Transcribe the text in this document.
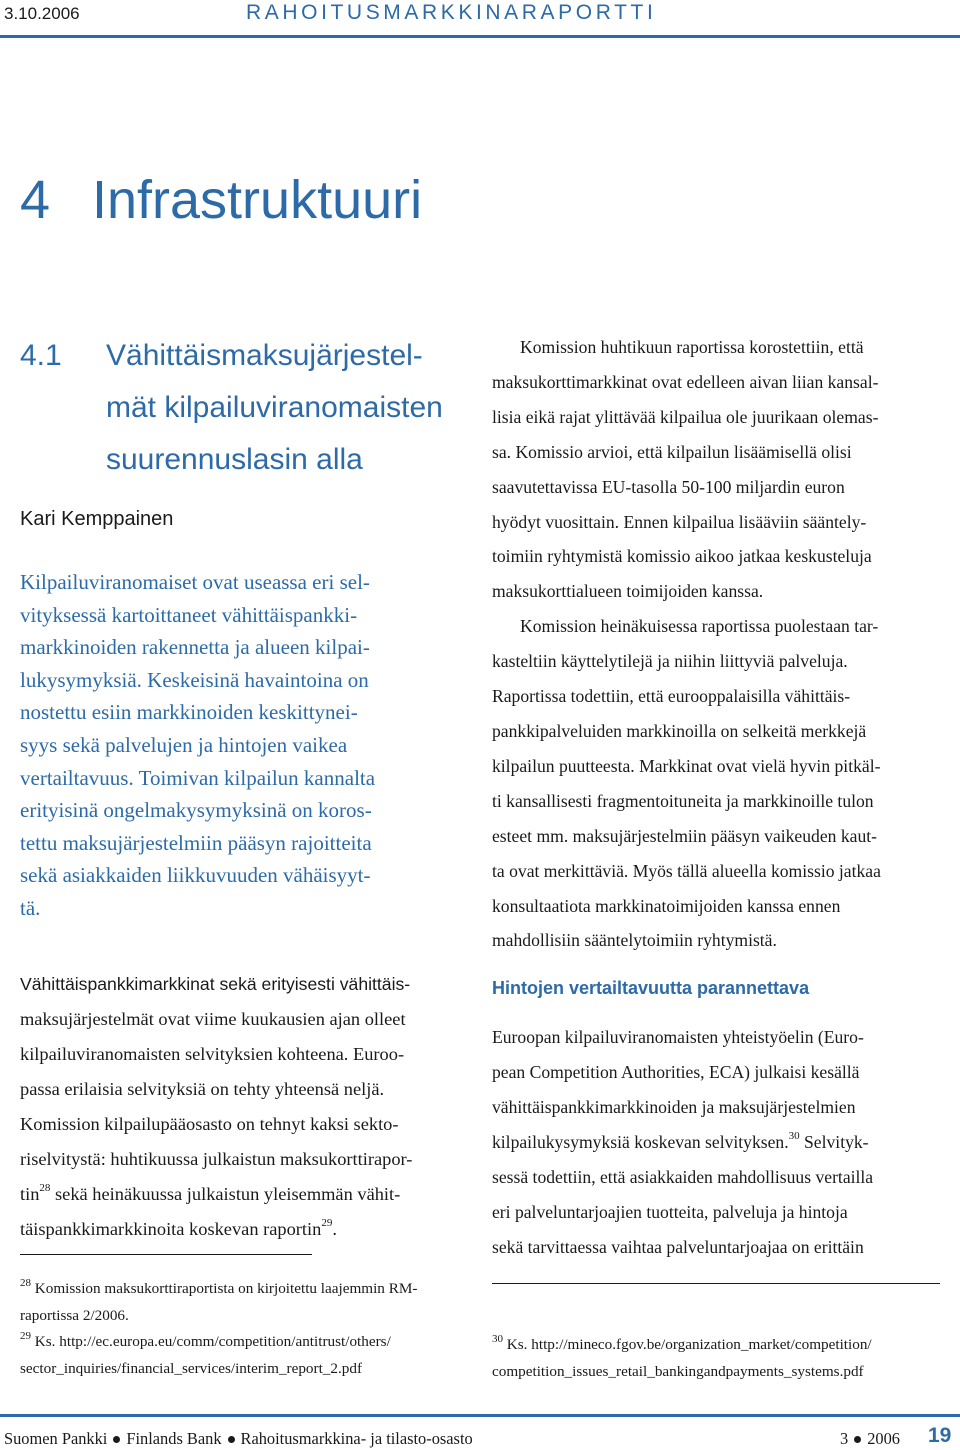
3.10.2006	RAHOITUSMARKKINARAPORTTI
4 Infrastruktuuri
4.1 Vähittäismaksujärjestel-
mät kilpailuviranomaisten
suurennuslasin alla
Kari Kemppainen
Kilpailuviranomaiset ovat useassa eri sel-
vityksessä kartoittaneet vähittäispankki-
markkinoiden rakennetta ja alueen kilpai-
lukysymyksiä. Keskeisinä havaintoina on
nostettu esiin markkinoiden keskittynei-
syys sekä palvelujen ja hintojen vaikea
vertailtavuus. Toimivan kilpailun kannalta
erityisinä ongelmakysymyksinä on koros-
tettu maksujärjestelmiin pääsyn rajoitteita
sekä asiakkaiden liikkuvuuden vähäisyyt-
tä.
Vähittäispankkimarkkinat sekä erityisesti vähittäis-
maksujärjestelmät ovat viime kuukausien ajan olleet
kilpailuviranomaisten selvityksien kohteena. Euroo-
passa erilaisia selvityksiä on tehty yhteensä neljä.
Komission kilpailupääosasto on tehnyt kaksi sekto-
riselvitystä: huhtikuussa julkaistun maksukorttirapor-
tin$^{28}$ sekä heinäkuussa julkaistun yleisemmän vähit-
täispankkimarkkinoita koskevan raportin$^{29}$.
$^{28}$ Komission maksukorttiraportista on kirjoitettu laajemmin RM-
raportissa 2/2006.
$^{29}$ Ks. http://ec.europa.eu/comm/competition/antitrust/others/
sector_inquiries/financial_services/interim_report_2.pdf
Komission huhtikuun raportissa korostettiin, että
maksukorttimarkkinat ovat edelleen aivan liian kansal-
lisia eikä rajat ylittävää kilpailua ole juurikaan olemas-
sa. Komissio arvioi, että kilpailun lisäämisellä olisi
saavutettavissa EU-tasolla 50-100 miljardin euron
hyödyt vuosittain. Ennen kilpailua lisääviin sääntely-
toimiin ryhtymistä komissio aikoo jatkaa keskusteluja
maksukorttialueen toimijoiden kanssa.
Komission heinäkuisessa raportissa puolestaan tar-
kasteltiin käyttelytilejä ja niihin liittyviä palveluja.
Raportissa todettiin, että eurooppalaisilla vähittäis-
pankkipalveluiden markkinoilla on selkeitä merkkejä
kilpailun puutteesta. Markkinat ovat vielä hyvin pitkäl-
ti kansallisesti fragmentoituneita ja markkinoille tulon
esteet mm. maksujärjestelmiin pääsyn vaikeuden kaut-
ta ovat merkittäviä. Myös tällä alueella komissio jatkaa
konsultaatiota markkinatoimijoiden kanssa ennen
mahdollisiin sääntelytoimiin ryhtymistä.
Hintojen vertailtavuutta parannettava
Euroopan kilpailuviranomaisten yhteistyöelin (Euro-
pean Competition Authorities, ECA) julkaisi kesällä
vähittäispankkimarkkinoiden ja maksujärjestelmien
kilpailukysymyksiä koskevan selvityksen.$^{30}$ Selvityk-
sessä todettiin, että asiakkaiden mahdollisuus vertailla
eri palveluntarjoajien tuotteita, palveluja ja hintoja
sekä tarvittaessa vaihtaa palveluntarjoajaa on erittäin
$^{30}$ Ks. http://mineco.fgov.be/organization_market/competition/
competition_issues_retail_bankingandpayments_systems.pdf
Suomen Pankki Finlands Bank Rahoitusmarkkina- ja tilasto-osasto	3 2006 19
